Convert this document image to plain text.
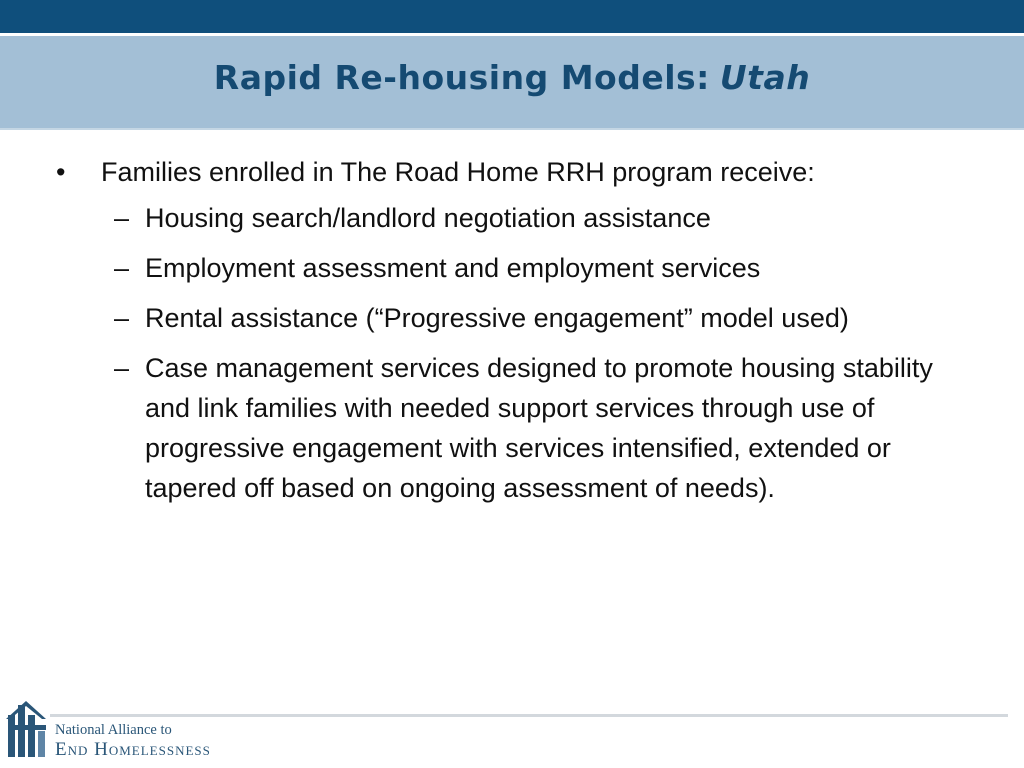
Rapid Re-housing Models: Utah
•	Families enrolled in The Road Home RRH program receive:
– Housing search/landlord negotiation assistance
– Employment assessment and employment services
– Rental assistance (“Progressive engagement” model used)
– Case management services designed to promote housing stability and link families with needed support services through use of progressive engagement with services intensified, extended or tapered off based on ongoing assessment of needs).
National Alliance to
End Homelessness
